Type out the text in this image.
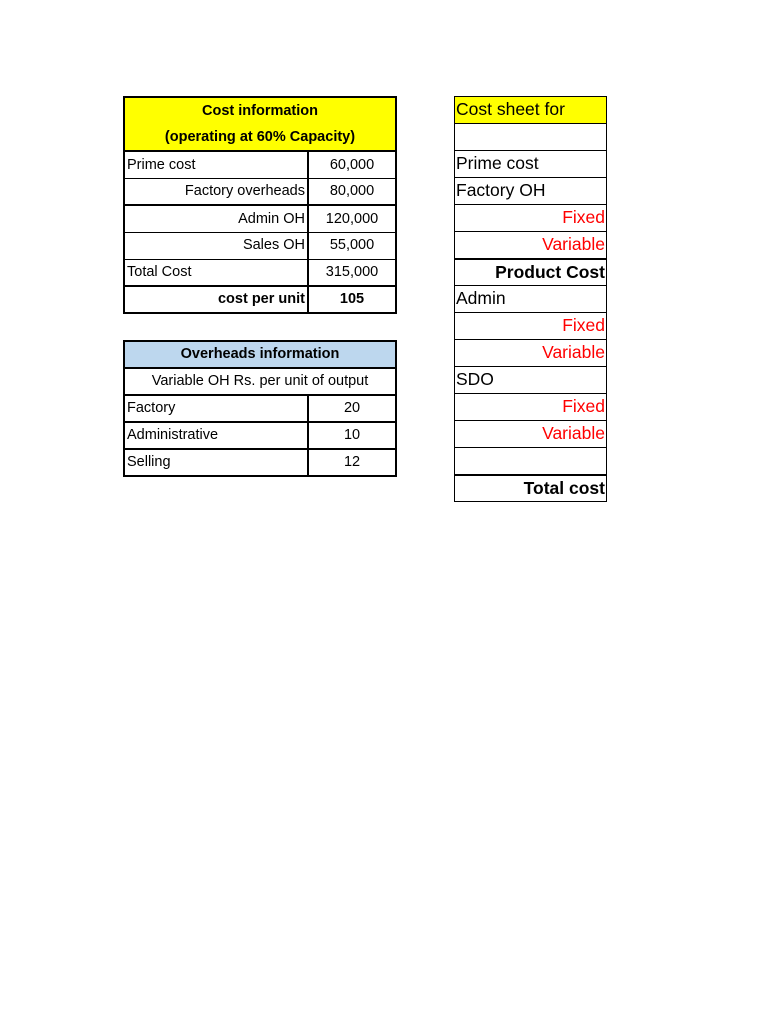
Cost information	
(operating at 60% Capacity)	
Prime cost	60,000
Factory overheads	80,000
Admin OH	120,000
Sales OH	55,000
Total Cost	315,000
cost per unit	105
Overheads information	
Variable OH Rs. per unit of output	
Factory	20
Administrative	10
Selling	12
Cost sheet for

Prime cost
Factory OH
Fixed
Variable
Product Cost
Admin
Fixed
Variable
SDO
Fixed
Variable

Total cost
